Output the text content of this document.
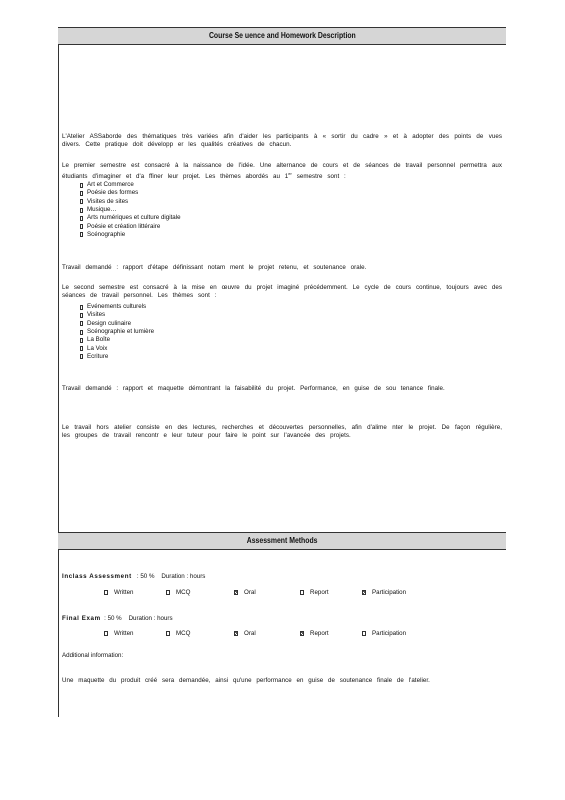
Course Se uence and Homework Description

L'Atelier ASSaborde des thématiques très variées afin d'aider les participants à « sortir du cadre » et à adopter des points de vues divers. Cette pratique doit développ er les qualités créatives de chacun.

Le premier semestre est consacré à la naissance de l'idée. Une alternance de cours et de séances de travail personnel permettra aux étudiants d'imaginer et d'a ffiner leur projet. Les thèmes abordés au 1er semestre sont :

Art et Commerce
Poésie des formes
Visites de sites
Musique…
Arts numériques et culture digitale
Poésie et création littéraire
Scénographie

Travail demandé : rapport d'étape définissant notam ment le projet retenu, et soutenance orale.

Le second semestre est consacré à la mise en œuvre du projet imaginé précédemment. Le cycle de cours continue, toujours avec des séances de travail personnel. Les thèmes sont :

Evénements culturels
Visites
Design culinaire
Scénographie et lumière
La Boîte
La Voix
Ecriture

Travail demandé : rapport et maquette démontrant la faisabilité du projet. Performance, en guise de sou tenance finale.

Le travail hors atelier consiste en des lectures, recherches et découvertes personnelles, afin d'alime nter le projet. De façon régulière, les groupes de travail rencontr e leur tuteur pour faire le point sur l'avancée des projets.

Assessment Methods
Inclass Assessment : 50 % Duration : hours
Written	MCQ	Oral	Report	Participation
Final Exam : 50 % Duration : hours
Written	MCQ	Oral	Report	Participation
Additional information:

Une maquette du produit créé sera demandée, ainsi qu'une performance en guise de soutenance finale de l'atelier.
